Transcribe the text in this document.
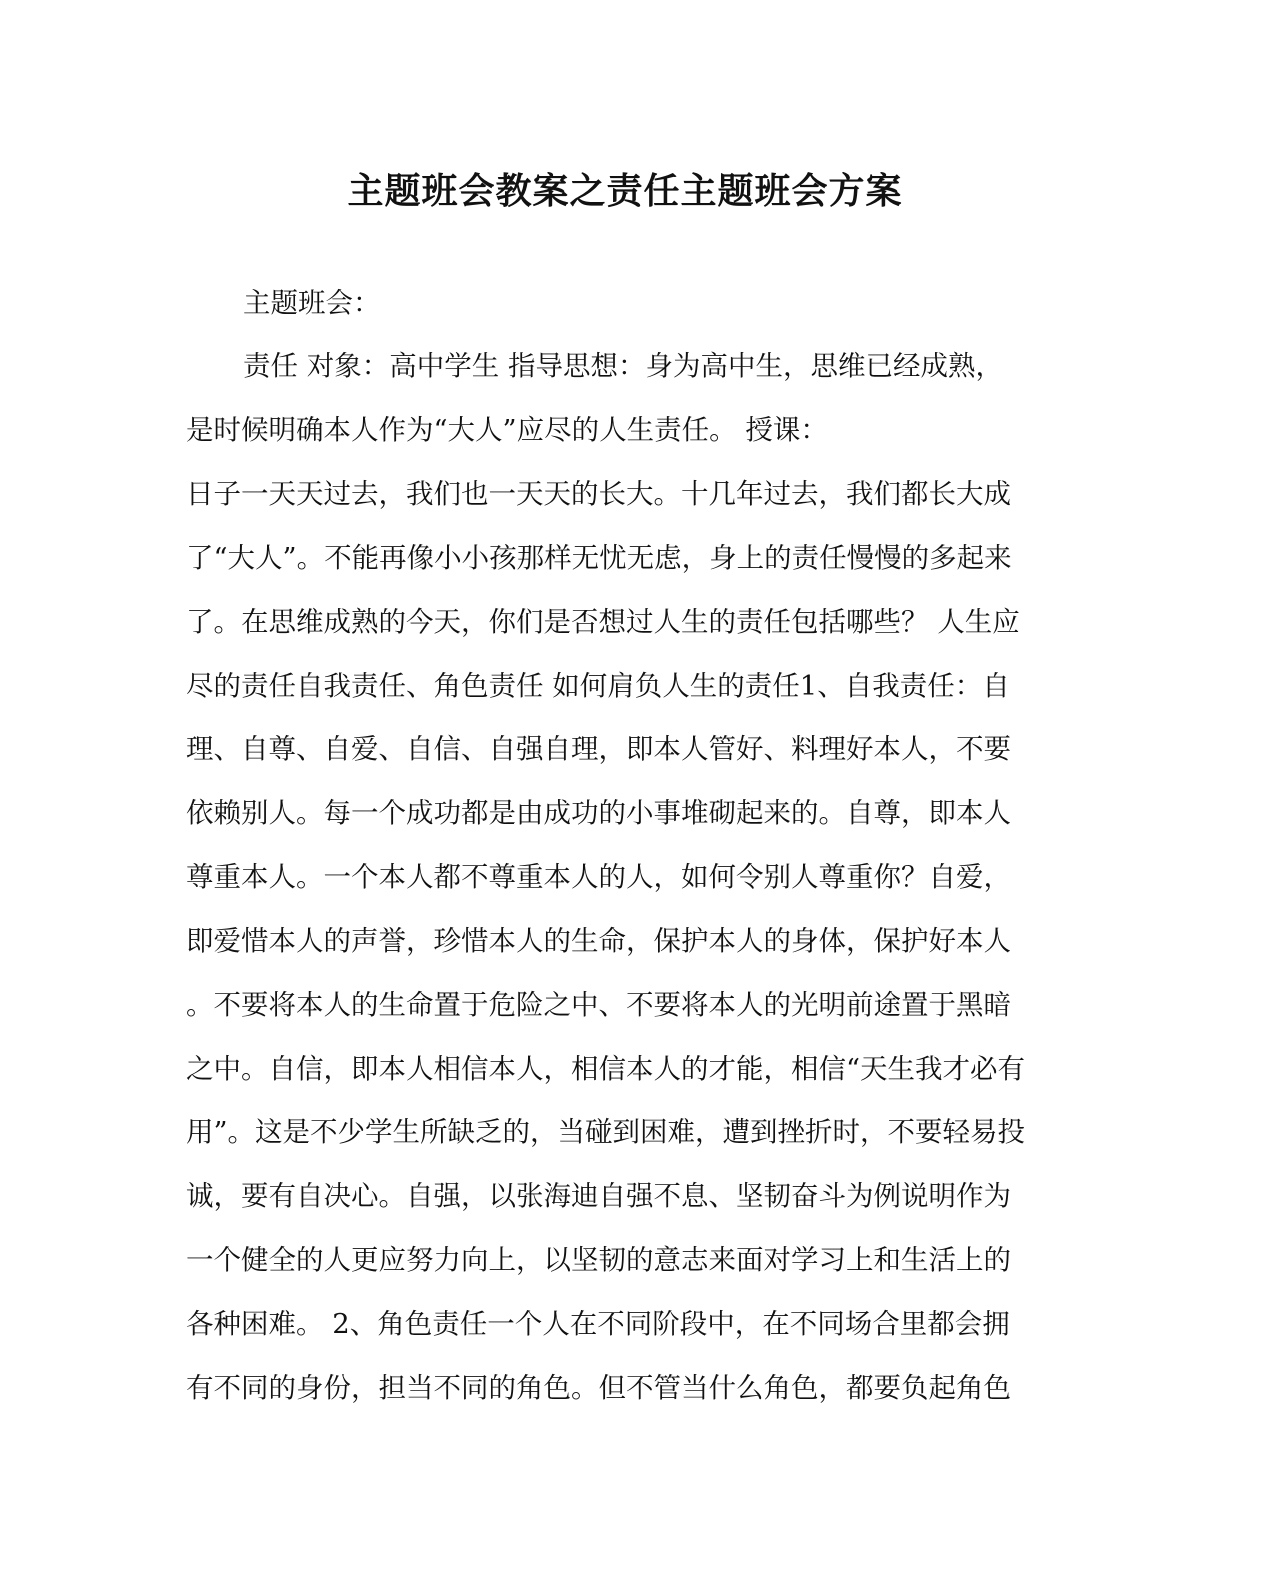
主题班会教案之责任主题班会方案
主题班会：
责任 对象：高中学生 指导思想：身为高中生，思维已经成熟，
是时候明确本人作为“大人”应尽的人生责任。 授课：
日子一天天过去，我们也一天天的长大。十几年过去，我们都长大成
了“大人”。不能再像小小孩那样无忧无虑，身上的责任慢慢的多起来
了。在思维成熟的今天，你们是否想过人生的责任包括哪些？ 人生应
尽的责任自我责任、角色责任 如何肩负人生的责任1、自我责任：自
理、自尊、自爱、自信、自强自理，即本人管好、料理好本人，不要
依赖别人。每一个成功都是由成功的小事堆砌起来的。自尊，即本人
尊重本人。一个本人都不尊重本人的人，如何令别人尊重你？自爱，
即爱惜本人的声誉，珍惜本人的生命，保护本人的身体，保护好本人
。不要将本人的生命置于危险之中、不要将本人的光明前途置于黑暗
之中。自信，即本人相信本人，相信本人的才能，相信“天生我才必有
用”。这是不少学生所缺乏的，当碰到困难，遭到挫折时，不要轻易投
诚，要有自决心。自强，以张海迪自强不息、坚韧奋斗为例说明作为
一个健全的人更应努力向上，以坚韧的意志来面对学习上和生活上的
各种困难。 2、角色责任一个人在不同阶段中，在不同场合里都会拥
有不同的身份，担当不同的角色。但不管当什么角色，都要负起角色
